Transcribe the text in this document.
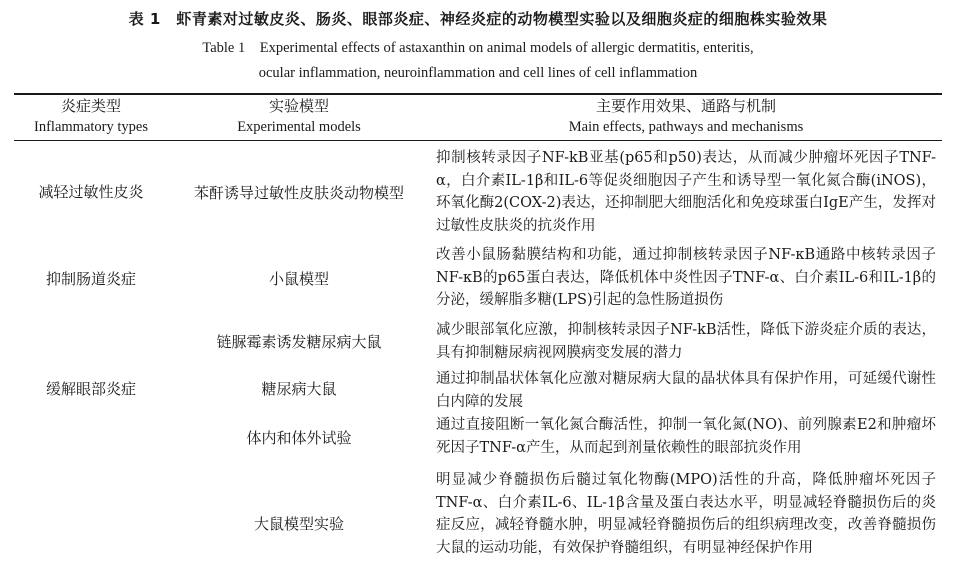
表 1　虾青素对过敏皮炎、肠炎、眼部炎症、神经炎症的动物模型实验以及细胞炎症的细胞株实验效果
Table 1　Experimental effects of astaxanthin on animal models of allergic dermatitis, enteritis,
ocular inflammation, neuroinflammation and cell lines of cell inflammation
炎症类型
Inflammatory types
实验模型
Experimental models
主要作用效果、通路与机制
Main effects, pathways and mechanisms
减轻过敏性皮炎
抑制肠道炎症
缓解眼部炎症
苯酐诱导过敏性皮肤炎动物模型
抑制核转录因子NF-kB亚基(p65和p50)表达，从而减少肿瘤坏死因子TNF-α，白介素IL-1β和IL-6等促炎细胞因子产生和诱导型一氧化氮合酶(iNOS)，环氧化酶2(COX-2)表达，还抑制肥大细胞活化和免疫球蛋白IgE产生，发挥对过敏性皮肤炎的抗炎作用
小鼠模型
改善小鼠肠黏膜结构和功能，通过抑制核转录因子NF-κB通路中核转录因子NF-κB的p65蛋白表达，降低机体中炎性因子TNF-α、白介素IL-6和IL-1β的分泌，缓解脂多糖(LPS)引起的急性肠道损伤
链脲霉素诱发糖尿病大鼠
减少眼部氧化应激，抑制核转录因子NF-kB活性，降低下游炎症介质的表达，具有抑制糖尿病视网膜病变发展的潜力
糖尿病大鼠
通过抑制晶状体氧化应激对糖尿病大鼠的晶状体具有保护作用，可延缓代谢性白内障的发展
体内和体外试验
通过直接阻断一氧化氮合酶活性，抑制一氧化氮(NO)、前列腺素E2和肿瘤坏死因子TNF-α产生，从而起到剂量依赖性的眼部抗炎作用
大鼠模型实验
明显减少脊髓损伤后髓过氧化物酶(MPO)活性的升高，降低肿瘤坏死因子TNF-α、白介素IL-6、IL-1β含量及蛋白表达水平，明显减轻脊髓损伤后的炎症反应，减轻脊髓水肿，明显减轻脊髓损伤后的组织病理改变，改善脊髓损伤大鼠的运动功能，有效保护脊髓组织，有明显神经保护作用
